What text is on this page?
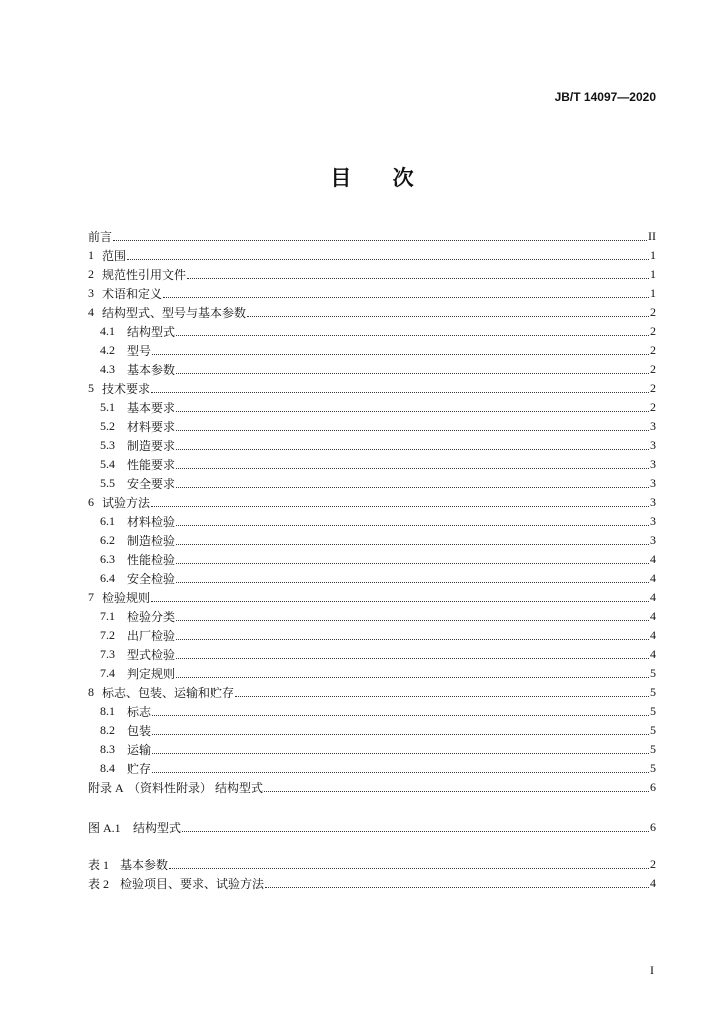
JB/T 14097—2020
目 次
前言	II
1 范围	1
2 规范性引用文件	1
3 术语和定义	1
4 结构型式、型号与基本参数	2
4.1	结构型式	2
4.2	型号	2
4.3	基本参数	2
5 技术要求	2
5.1	基本要求	2
5.2	材料要求	3
5.3	制造要求	3
5.4	性能要求	3
5.5	安全要求	3
6 试验方法	3
6.1	材料检验	3
6.2	制造检验	3
6.3	性能检验	4
6.4	安全检验	4
7 检验规则	4
7.1	检验分类	4
7.2	出厂检验	4
7.3	型式检验	4
7.4	判定规则	5
8 标志、包装、运输和贮存	5
8.1	标志	5
8.2	包装	5
8.3	运输	5
8.4	贮存	5
附录 A （资料性附录） 结构型式	6
图 A.1	结构型式	6
表 1 基本参数	2
表 2 检验项目、要求、试验方法	4
I
